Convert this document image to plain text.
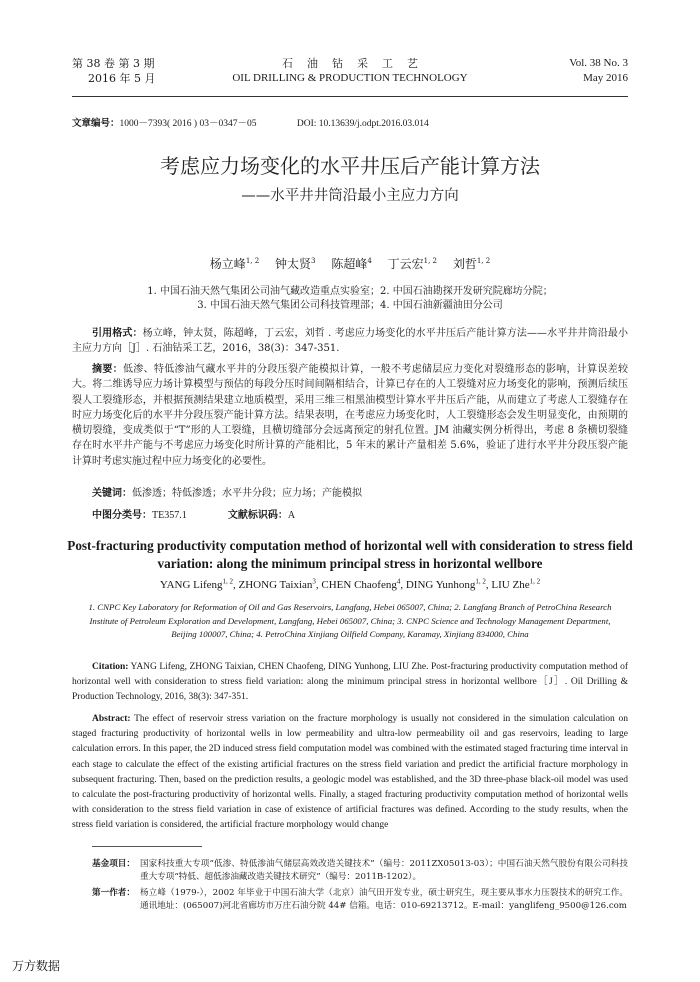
第 38 卷 第 3 期
2016 年 5 月
石油钻采工艺
OIL DRILLING & PRODUCTION TECHNOLOGY
Vol. 38 No. 3
May 2016
文章编号：1000－7393( 2016 ) 03－0347－05	DOI: 10.13639/j.odpt.2016.03.014
考虑应力场变化的水平井压后产能计算方法
——水平井井筒沿最小主应力方向
杨立峰$^{1, 2}$ 钟太贤$^3$ 陈超峰$^4$ 丁云宏$^{1, 2}$ 刘哲$^{1, 2}$
1. 中国石油天然气集团公司油气藏改造重点实验室；2. 中国石油勘探开发研究院廊坊分院；
3. 中国石油天然气集团公司科技管理部；4. 中国石油新疆油田分公司
引用格式：杨立峰，钟太贤，陈超峰，丁云宏，刘哲 . 考虑应力场变化的水平井压后产能计算方法——水平井井筒沿最小主应力方向［J］. 石油钻采工艺，2016，38(3)：347-351.
摘要：低渗、特低渗油气藏水平井的分段压裂产能模拟计算，一般不考虑储层应力变化对裂缝形态的影响，计算误差较大。将二维诱导应力场计算模型与预估的每段分压时间间隔相结合，计算已存在的人工裂缝对应力场变化的影响，预测后续压裂人工裂缝形态，并根据预测结果建立地质模型，采用三维三相黑油模型计算水平井压后产能，从而建立了考虑人工裂缝存在时应力场变化后的水平井分段压裂产能计算方法。结果表明，在考虑应力场变化时，人工裂缝形态会发生明显变化，由预期的横切裂缝，变成类似于“T”形的人工裂缝，且横切缝部分会远离预定的射孔位置。JM 油藏实例分析得出，考虑 8 条横切裂缝存在时水平井产能与不考虑应力场变化时所计算的产能相比，5 年末的累计产量相差 5.6%，验证了进行水平井分段压裂产能计算时考虑实施过程中应力场变化的必要性。
关键词：低渗透；特低渗透；水平井分段；应力场；产能模拟
中图分类号：TE357.1	文献标识码：A
Post-fracturing productivity computation method of horizontal well with consideration to stress field variation: along the minimum principal stress in horizontal wellbore
YANG Lifeng$^{1, 2}$, ZHONG Taixian$^3$, CHEN Chaofeng$^4$, DING Yunhong$^{1, 2}$, LIU Zhe$^{1, 2}$
1. CNPC Key Laboratory for Reformation of Oil and Gas Reservoirs, Langfang, Hebei 065007, China; 2. Langfang Branch of PetroChina Research Institute of Petroleum Exploration and Development, Langfang, Hebei 065007, China; 3. CNPC Science and Technology Management Department, Beijing 100007, China; 4. PetroChina Xinjiang Oilfield Company, Karamay, Xinjiang 834000, China
Citation: YANG Lifeng, ZHONG Taixian, CHEN Chaofeng, DING Yunhong, LIU Zhe. Post-fracturing productivity computation method of horizontal well with consideration to stress field variation: along the minimum principal stress in horizontal wellbore［J］. Oil Drilling & Production Technology, 2016, 38(3): 347-351.
Abstract: The effect of reservoir stress variation on the fracture morphology is usually not considered in the simulation calculation on staged fracturing productivity of horizontal wells in low permeability and ultra-low permeability oil and gas reservoirs, leading to large calculation errors. In this paper, the 2D induced stress field computation model was combined with the estimated staged fracturing time interval in each stage to calculate the effect of the existing artificial fractures on the stress field variation and predict the artificial fracture morphology in subsequent fracturing. Then, based on the prediction results, a geologic model was established, and the 3D three-phase black-oil model was used to calculate the post-fracturing productivity of horizontal wells. Finally, a staged fracturing productivity computation method of horizontal wells with consideration to the stress field variation in case of existence of artificial fractures was defined. According to the study results, when the stress field variation is considered, the artificial fracture morphology would change
基金项目： 国家科技重大专项“低渗、特低渗油气储层高效改造关键技术”（编号：2011ZX05013-03）；中国石油天然气股份有限公司科技重大专项“特低、超低渗油藏改造关键技术研究”（编号：2011B-1202）。
第一作者： 杨立峰（1979-），2002 年毕业于中国石油大学（北京）油气田开发专业，硕士研究生，现主要从事水力压裂技术的研究工作。通讯地址：(065007)河北省廊坊市万庄石油分院 44# 信箱。电话：010-69213712。E-mail：yanglifeng_9500@126.com
万方数据
